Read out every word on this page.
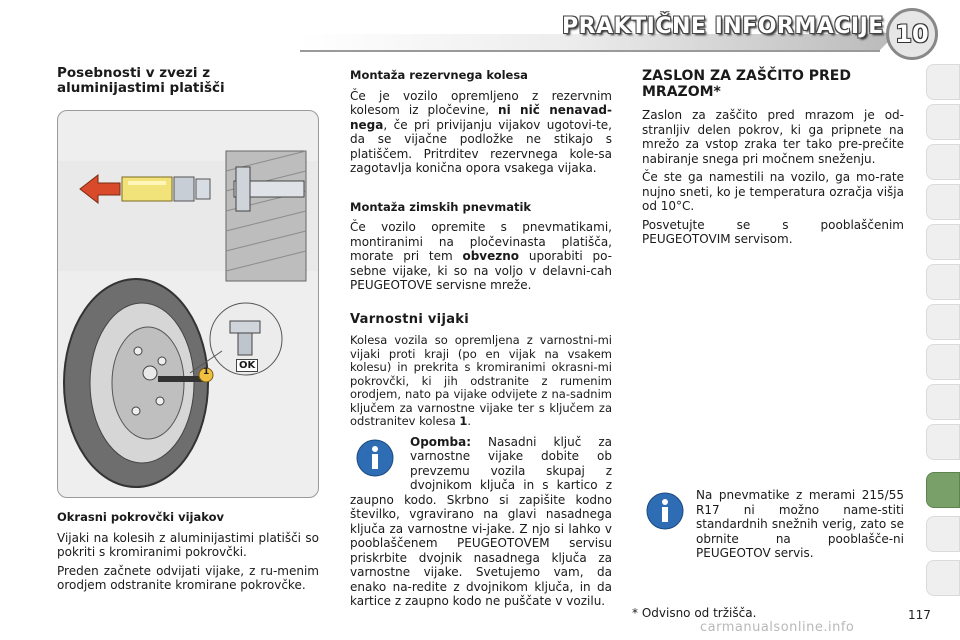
PRAKTIČNE INFORMACIJE 10
Posebnosti v zvezi z aluminijastimi platišči
OK
1
Okrasni pokrovčki vijakov

Vijaki na kolesih z aluminijastimi platišči so pokriti s kromiranimi pokrovčki.

Preden začnete odvijati vijake, z ru-menim orodjem odstranite kromirane pokrovčke.

Montaža rezervnega kolesa

Če je vozilo opremljeno z rezervnim kolesom iz pločevine, ni nič nenavad-nega, če pri privijanju vijakov ugotovi-te, da se vijačne podložke ne stikajo s platiščem. Pritrditev rezervnega kole-sa zagotavlja konična opora vsakega vijaka.

Montaža zimskih pnevmatik

Če vozilo opremite s pnevmatikami, montiranimi na pločevinasta platišča, morate pri tem obvezno uporabiti po-sebne vijake, ki so na voljo v delavni-cah PEUGEOTOVE servisne mreže.

Varnostni vijaki

Kolesa vozila so opremljena z varnostni-mi vijaki proti kraji (po en vijak na vsakem kolesu) in prekrita s kromiranimi okrasni-mi pokrovčki, ki jih odstranite z rumenim orodjem, nato pa vijake odvijete z na-sadnim ključem za varnostne vijake ter s ključem za odstranitev kolesa 1.

Opomba: Nasadni ključ za varnostne vijake dobite ob prevzemu vozila skupaj z dvojnikom ključa in s kartico z zaupno kodo. Skrbno si zapišite kodno številko, vgravirano na glavi nasadnega ključa za varnostne vi-jake. Z njo si lahko v pooblaščenem PEUGEOTOVEM servisu priskrbite dvojnik nasadnega ključa za varnostne vijake. Svetujemo vam, da enako na-redite z dvojnikom ključa, in da kartice z zaupno kodo ne puščate v vozilu.

ZASLON ZA ZAŠČITO PRED MRAZOM*

Zaslon za zaščito pred mrazom je od-stranljiv delen pokrov, ki ga pripnete na mrežo za vstop zraka ter tako pre-prečite nabiranje snega pri močnem sneženju.

Če ste ga namestili na vozilo, ga mo-rate nujno sneti, ko je temperatura ozračja višja od 10°C.

Posvetujte se s pooblaščenim PEUGEOTOVIM servisom.

Na pnevmatike z merami 215/55 R17 ni možno name-stiti standardnih snežnih verig, zato se obrnite na pooblašče-ni PEUGEOTOV servis.

* Odvisno od tržišča.	117
carmanualsonline.info
